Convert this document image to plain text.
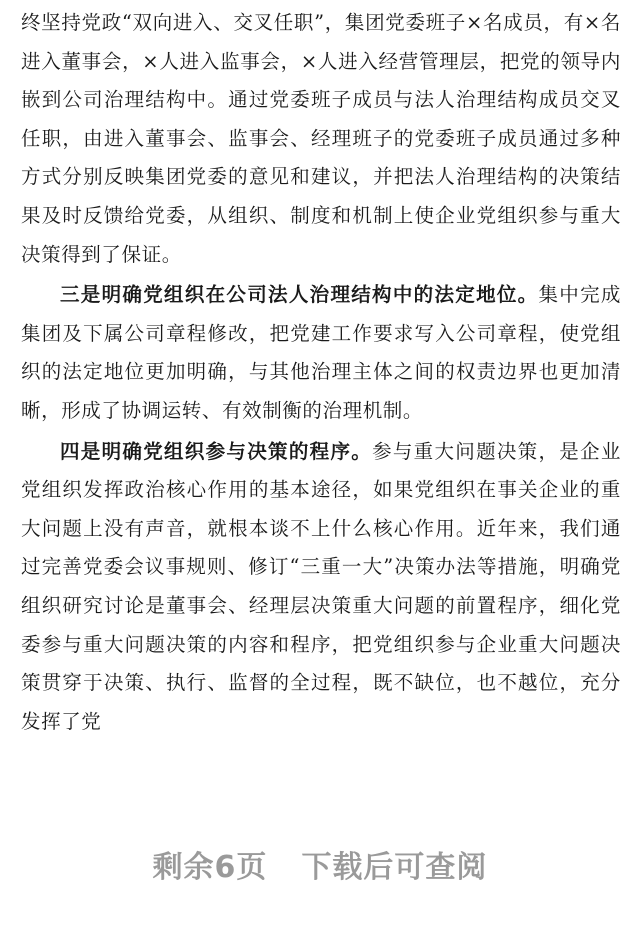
终坚持党政“双向进入、交叉任职”，集团党委班子×名成员，有×名进入董事会，×人进入监事会，×人进入经营管理层，把党的领导内嵌到公司治理结构中。通过党委班子成员与法人治理结构成员交叉任职，由进入董事会、监事会、经理班子的党委班子成员通过多种方式分别反映集团党委的意见和建议，并把法人治理结构的决策结果及时反馈给党委，从组织、制度和机制上使企业党组织参与重大决策得到了保证。

三是明确党组织在公司法人治理结构中的法定地位。集中完成集团及下属公司章程修改，把党建工作要求写入公司章程，使党组织的法定地位更加明确，与其他治理主体之间的权责边界也更加清晰，形成了协调运转、有效制衡的治理机制。

四是明确党组织参与决策的程序。参与重大问题决策，是企业党组织发挥政治核心作用的基本途径，如果党组织在事关企业的重大问题上没有声音，就根本谈不上什么核心作用。近年来，我们通过完善党委会议事规则、修订“三重一大”决策办法等措施，明确党组织研究讨论是董事会、经理层决策重大问题的前置程序，细化党委参与重大问题决策的内容和程序，把党组织参与企业重大问题决策贯穿于决策、执行、监督的全过程，既不缺位，也不越位，充分发挥了党

剩余6页 下载后可查阅
